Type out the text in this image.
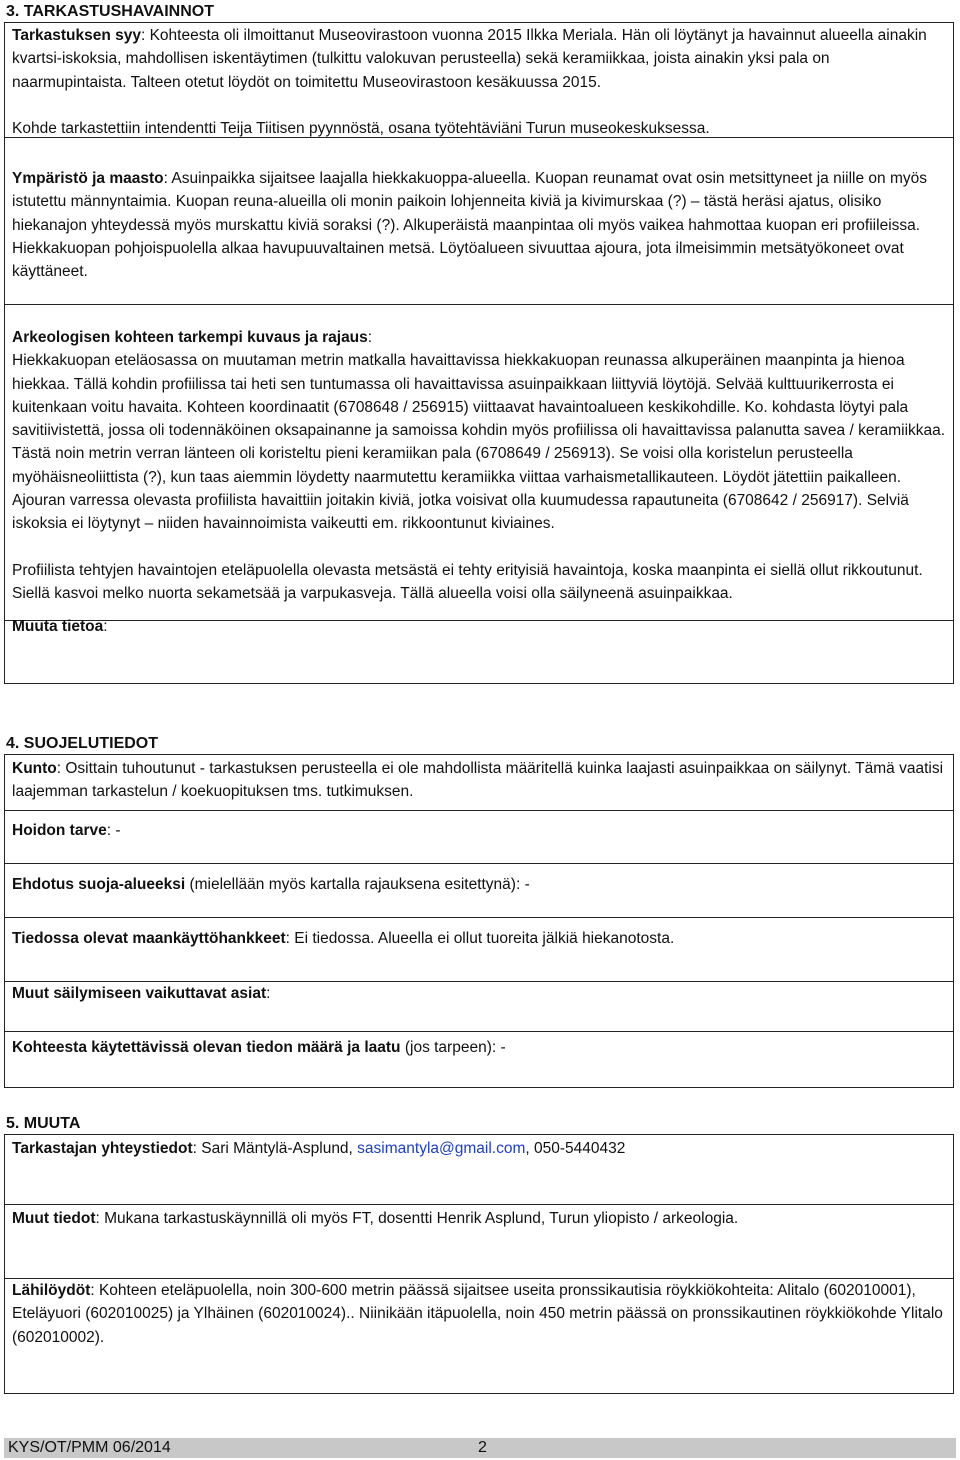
3. TARKASTUSHAVAINNOT

Tarkastuksen syy: Kohteesta oli ilmoittanut Museovirastoon vuonna 2015 Ilkka Meriala. Hän oli löytänyt ja havainnut alueella ainakin kvartsi-iskoksia, mahdollisen iskentäytimen (tulkittu valokuvan perusteella) sekä keramiikkaa, joista ainakin yksi pala on naarmupintaista. Talteen otetut löydöt on toimitettu Museovirastoon kesäkuussa 2015.

Kohde tarkastettiin intendentti Teija Tiitisen pyynnöstä, osana työtehtäviäni Turun museokeskuksessa.

Ympäristö ja maasto: Asuinpaikka sijaitsee laajalla hiekkakuoppa-alueella. Kuopan reunamat ovat osin metsittyneet ja niille on myös istutettu männyntaimia. Kuopan reuna-alueilla oli monin paikoin lohjenneita kiviä ja kivimurskaa (?) – tästä heräsi ajatus, olisiko hiekanajon yhteydessä myös murskattu kiviä soraksi (?). Alkuperäistä maanpintaa oli myös vaikea hahmottaa kuopan eri profiileissa. Hiekkakuopan pohjoispuolella alkaa havupuuvaltainen metsä. Löytöalueen sivuuttaa ajoura, jota ilmeisimmin metsätyökoneet ovat käyttäneet.

Arkeologisen kohteen tarkempi kuvaus ja rajaus:

Hiekkakuopan eteläosassa on muutaman metrin matkalla havaittavissa hiekkakuopan reunassa alkuperäinen maanpinta ja hienoa hiekkaa. Tällä kohdin profiilissa tai heti sen tuntumassa oli havaittavissa asuinpaikkaan liittyviä löytöjä. Selvää kulttuurikerrosta ei kuitenkaan voitu havaita. Kohteen koordinaatit (6708648 / 256915) viittaavat havaintoalueen keskikohdille. Ko. kohdasta löytyi pala savitiivistettä, jossa oli todennäköinen oksapainanne ja samoissa kohdin myös profiilissa oli havaittavissa palanutta savea / keramiikkaa. Tästä noin metrin verran länteen oli koristeltu pieni keramiikan pala (6708649 / 256913). Se voisi olla koristelun perusteella myöhäisneoliittista (?), kun taas aiemmin löydetty naarmutettu keramiikka viittaa varhaismetallikauteen. Löydöt jätettiin paikalleen. Ajouran varressa olevasta profiilista havaittiin joitakin kiviä, jotka voisivat olla kuumudessa rapautuneita (6708642 / 256917). Selviä iskoksia ei löytynyt – niiden havainnoimista vaikeutti em. rikkoontunut kiviaines.

Profiilista tehtyjen havaintojen eteläpuolella olevasta metsästä ei tehty erityisiä havaintoja, koska maanpinta ei siellä ollut rikkoutunut. Siellä kasvoi melko nuorta sekametsää ja varpukasveja. Tällä alueella voisi olla säilyneenä asuinpaikkaa.

Muuta tietoa:

4. SUOJELUTIEDOT

Kunto: Osittain tuhoutunut - tarkastuksen perusteella ei ole mahdollista määritellä kuinka laajasti asuinpaikkaa on säilynyt. Tämä vaatisi laajemman tarkastelun / koekuopituksen tms. tutkimuksen.

Hoidon tarve: -

Ehdotus suoja-alueeksi (mielellään myös kartalla rajauksena esitettynä): -

Tiedossa olevat maankäyttöhankkeet: Ei tiedossa. Alueella ei ollut tuoreita jälkiä hiekanotosta.

Muut säilymiseen vaikuttavat asiat:

Kohteesta käytettävissä olevan tiedon määrä ja laatu (jos tarpeen): -

5. MUUTA

Tarkastajan yhteystiedot: Sari Mäntylä-Asplund, sasimantyla@gmail.com, 050-5440432

Muut tiedot: Mukana tarkastuskäynnillä oli myös FT, dosentti Henrik Asplund, Turun yliopisto / arkeologia.

Lähilöydöt: Kohteen eteläpuolella, noin 300-600 metrin päässä sijaitsee useita pronssikautisia röykkiökohteita: Alitalo (602010001), Eteläyuori (602010025) ja Ylhäinen (602010024).. Niinikään itäpuolella, noin 450 metrin päässä on pronssikautinen röykkiökohde Ylitalo (602010002).

KYS/OT/PMM 06/2014	2
